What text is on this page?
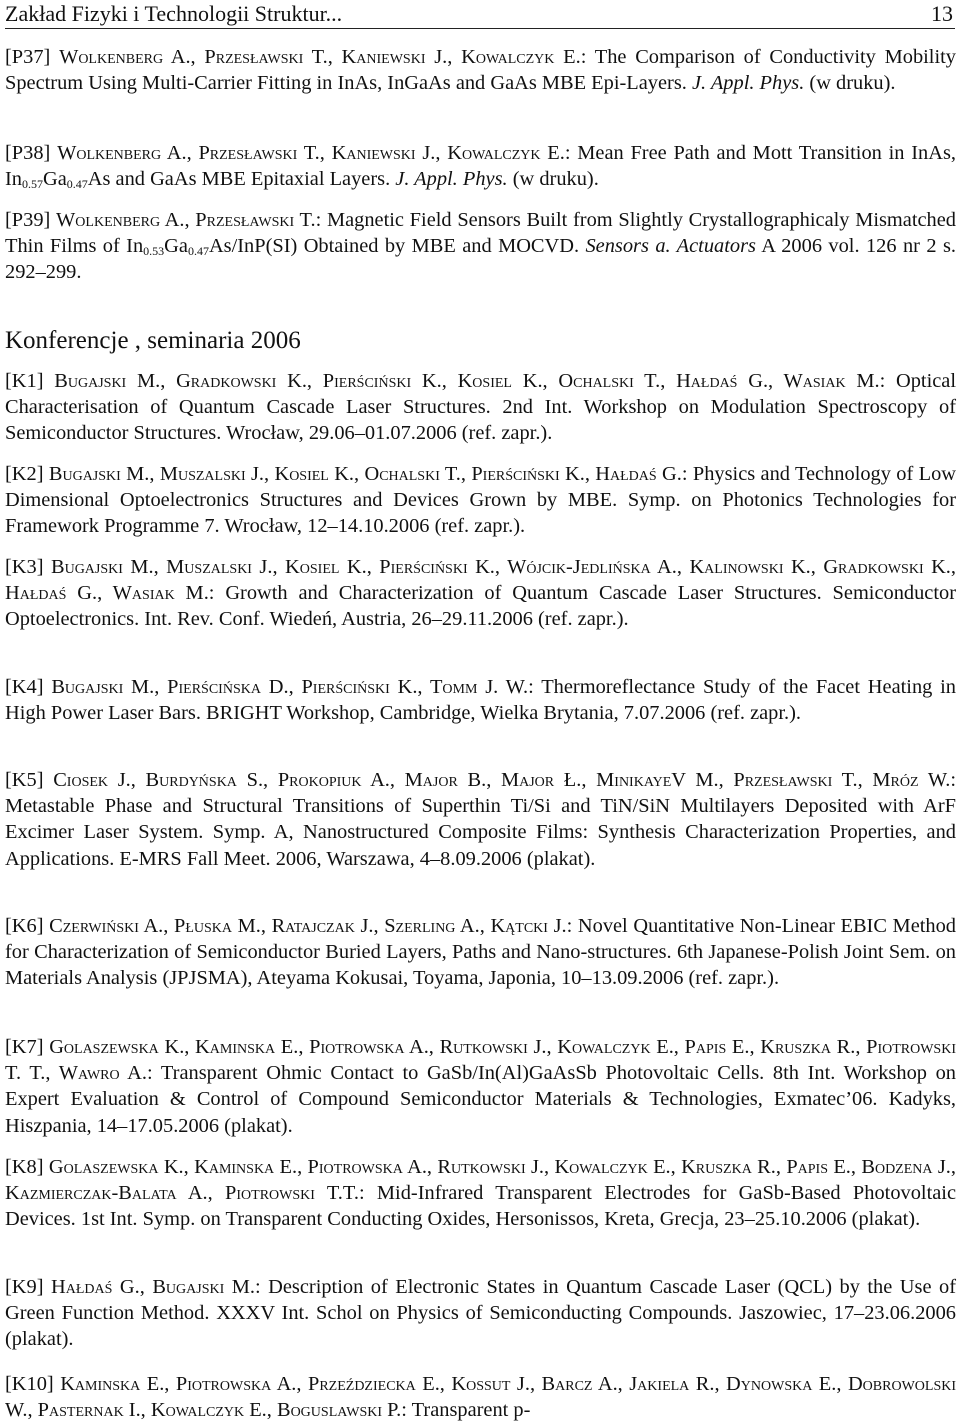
Zakład Fizyki i Technologii Struktur...	13
[P37] Wolkenberg A., Przesławski T., Kaniewski J., Kowalczyk E.: The Comparison of Conductivity Mobility Spectrum Using Multi-Carrier Fitting in InAs, InGaAs and GaAs MBE Epi-Layers. J. Appl. Phys. (w druku).
[P38] Wolkenberg A., Przesławski T., Kaniewski J., Kowalczyk E.: Mean Free Path and Mott Transition in InAs, $In_{0.57}Ga_{0.47}As$ and GaAs MBE Epitaxial Layers. J. Appl. Phys. (w druku).
[P39] Wolkenberg A., Przesławski T.: Magnetic Field Sensors Built from Slightly Crystallographicaly Mismatched Thin Films of $In_{0.53}Ga_{0.47}As/InP(SI)$ Obtained by MBE and MOCVD. Sensors a. Actuators A 2006 vol. 126 nr 2 s. 292–299.
Konferencje , seminaria 2006
[K1] Bugajski M., Gradkowski K., Pierściński K., Kosiel K., Ochalski T., Hałdaś G., Wasiak M.: Optical Characterisation of Quantum Cascade Laser Structures. 2nd Int. Workshop on Modulation Spectroscopy of Semiconductor Structures. Wrocław, 29.06–01.07.2006 (ref. zapr.).
[K2] Bugajski M., Muszalski J., Kosiel K., Ochalski T., Pierściński K., Hałdaś G.: Physics and Technology of Low Dimensional Optoelectronics Structures and Devices Grown by MBE. Symp. on Photonics Technologies for Framework Programme 7. Wrocław, 12–14.10.2006 (ref. zapr.).
[K3] Bugajski M., Muszalski J., Kosiel K., Pierściński K., Wójcik-Jedlińska A., Kalinowski K., Gradkowski K., Hałdaś G., Wasiak M.: Growth and Characterization of Quantum Cascade Laser Structures. Semiconductor Optoelectronics. Int. Rev. Conf. Wiedeń, Austria, 26–29.11.2006 (ref. zapr.).
[K4] Bugajski M., Pierścińska D., Pierściński K., Tomm J. W.: Thermoreflectance Study of the Facet Heating in High Power Laser Bars. BRIGHT Workshop, Cambridge, Wielka Brytania, 7.07.2006 (ref. zapr.).
[K5] Ciosek J., Burdyńska S., Prokopiuk A., Major B., Major Ł., MinikayeV M., Przesławski T., Mróz W.: Metastable Phase and Structural Transitions of Superthin Ti/Si and TiN/SiN Multilayers Deposited with ArF Excimer Laser System. Symp. A, Nanostructured Composite Films: Synthesis Characterization Properties, and Applications. E-MRS Fall Meet. 2006, Warszawa, 4–8.09.2006 (plakat).
[K6] Czerwiński A., Płuska M., Ratajczak J., Szerling A., Kątcki J.: Novel Quantitative Non-Linear EBIC Method for Characterization of Semiconductor Buried Layers, Paths and Nano-structures. 6th Japanese-Polish Joint Sem. on Materials Analysis (JPJSMA), Ateyama Kokusai, Toyama, Japonia, 10–13.09.2006 (ref. zapr.).
[K7] Golaszewska K., Kaminska E., Piotrowska A., Rutkowski J., Kowalczyk E., Papis E., Kruszka R., Piotrowski T. T., Wawro A.: Transparent Ohmic Contact to GaSb/In(Al)GaAsSb Photovoltaic Cells. 8th Int. Workshop on Expert Evaluation & Control of Compound Semiconductor Materials & Technologies, Exmatec’06. Kadyks, Hiszpania, 14–17.05.2006 (plakat).
[K8] Golaszewska K., Kaminska E., Piotrowska A., Rutkowski J., Kowalczyk E., Kruszka R., Papis E., Bodzena J., Kazmierczak-Balata A., Piotrowski T.T.: Mid-Infrared Transparent Electrodes for GaSb-Based Photovoltaic Devices. 1st Int. Symp. on Transparent Conducting Oxides, Hersonissos, Kreta, Grecja, 23–25.10.2006 (plakat).
[K9] Hałdaś G., Bugajski M.: Description of Electronic States in Quantum Cascade Laser (QCL) by the Use of Green Function Method. XXXV Int. Schol on Physics of Semiconducting Compounds. Jaszowiec, 17–23.06.2006 (plakat).
[K10] Kaminska E., Piotrowska A., Przeździecka E., Kossut J., Barcz A., Jakiela R., Dynowska E., Dobrowolski W., Pasternak I., Kowalczyk E., Boguslawski P.: Transparent p-
